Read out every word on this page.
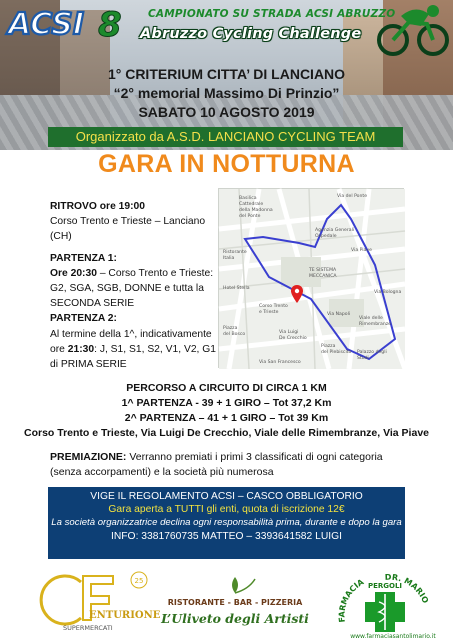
ACSI 8	CAMPIONATO SU STRADA ACSI ABRUZZO
Abruzzo Cycling Challenge
1° CRITERIUM CITTA’ DI LANCIANO
“2° memorial Massimo Di Prinzio”
SABATO 10 AGOSTO 2019
Organizzato da A.S.D. LANCIANO CYCLING TEAM
GARA IN NOTTURNA

RITROVO ore 19:00

Corso Trento e Trieste – Lanciano (CH)

PARTENZA 1:

Ore 20:30 – Corso Trento e Trieste: G2, SGA, SGB, DONNE e tutta la SECONDA SERIE

PARTENZA 2:

Al termine della 1^, indicativamente ore 21:30: J, S1, S1, S2, V1, V2, G1 di PRIMA SERIE

Basilica
Cattedrale
della Madonna
del Ponte
Via del Ponte
Agenzia Generali
Ospedale
Via Piave
Via Bologna
Ristorante
Italia
TE SISTEMA
MECCANICA
Corso Trento
e Trieste
Hotel Stella
Via Napoli
Palazzo degli
Studi
Via Luigi
De Crecchio
Viale delle
Rimembranze
Piazza
del Bosco
Via San Francesco
Piazza
del Plebiscito
PERCORSO A CIRCUITO DI CIRCA 1 KM
1^ PARTENZA - 39 + 1 GIRO – Tot 37,2 Km
2^ PARTENZA – 41 + 1 GIRO – Tot 39 Km
Corso Trento e Trieste, Via Luigi De Crecchio, Viale delle Rimembranze, Via Piave
PREMIAZIONE: Verranno premiati i primi 3 classificati di ogni categoria (senza accorpamenti) e la società più numerosa
VIGE IL REGOLAMENTO ACSI – CASCO OBBLIGATORIO
Gara aperta a TUTTI gli enti, quota di iscrizione 12€
La società organizzatrice declina ogni responsabilità prima, durante e dopo la gara
INFO: 3381760735 MATTEO – 3393641582 LUIGI
25
ENTURIONE
SUPERMERCATI
RISTORANTE - BAR - PIZZERIA
L’Uliveto degli Artisti	FARMACIA
DR. MARIO
PERGOLI
www.farmaciasantolimario.it
